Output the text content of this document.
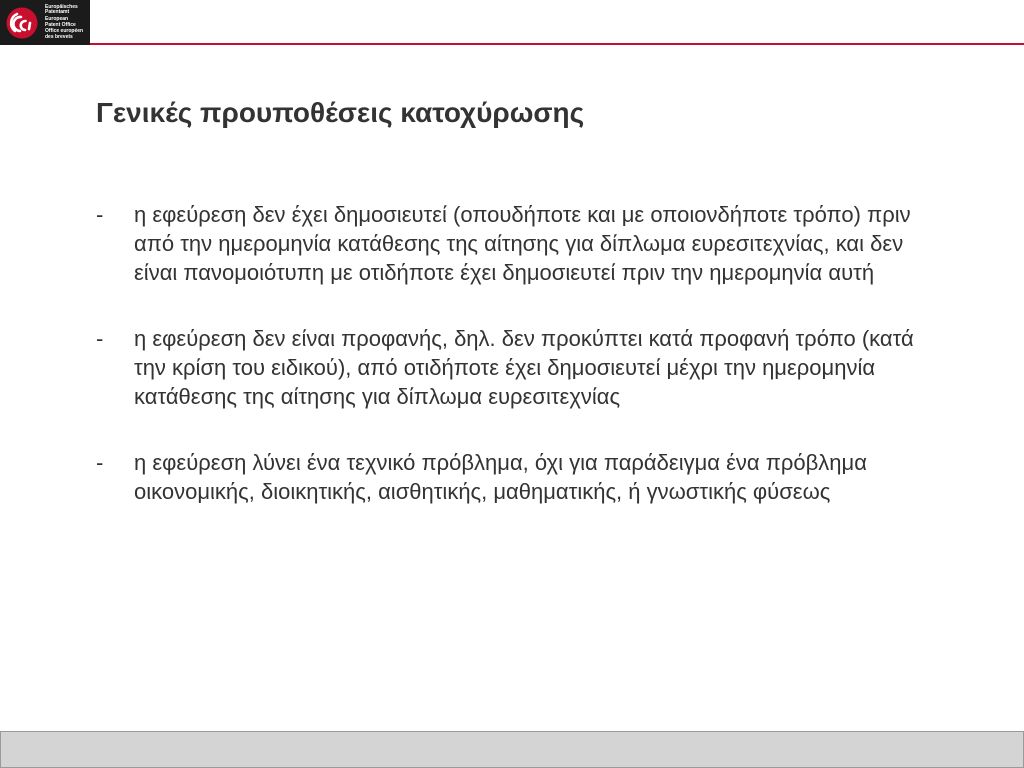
Europäisches
Patentamt
European
Patent Office
Office européen
des brevets
Γενικές προυποθέσεις κατοχύρωσης
- η εφεύρεση δεν έχει δημοσιευτεί (οπουδήποτε και με οποιονδήποτε τρόπο) πριν από την ημερομηνία κατάθεσης της αίτησης για δίπλωμα ευρεσιτεχνίας, και δεν είναι πανομοιότυπη με οτιδήποτε έχει δημοσιευτεί πριν την ημερομηνία αυτή
- η εφεύρεση δεν είναι προφανής, δηλ. δεν προκύπτει κατά προφανή τρόπο (κατά την κρίση του ειδικού), από οτιδήποτε έχει δημοσιευτεί μέχρι την ημερομηνία κατάθεσης της αίτησης για δίπλωμα ευρεσιτεχνίας
- η εφεύρεση λύνει ένα τεχνικό πρόβλημα, όχι για παράδειγμα ένα πρόβλημα οικονομικής, διοικητικής, αισθητικής, μαθηματικής, ή γνωστικής φύσεως
